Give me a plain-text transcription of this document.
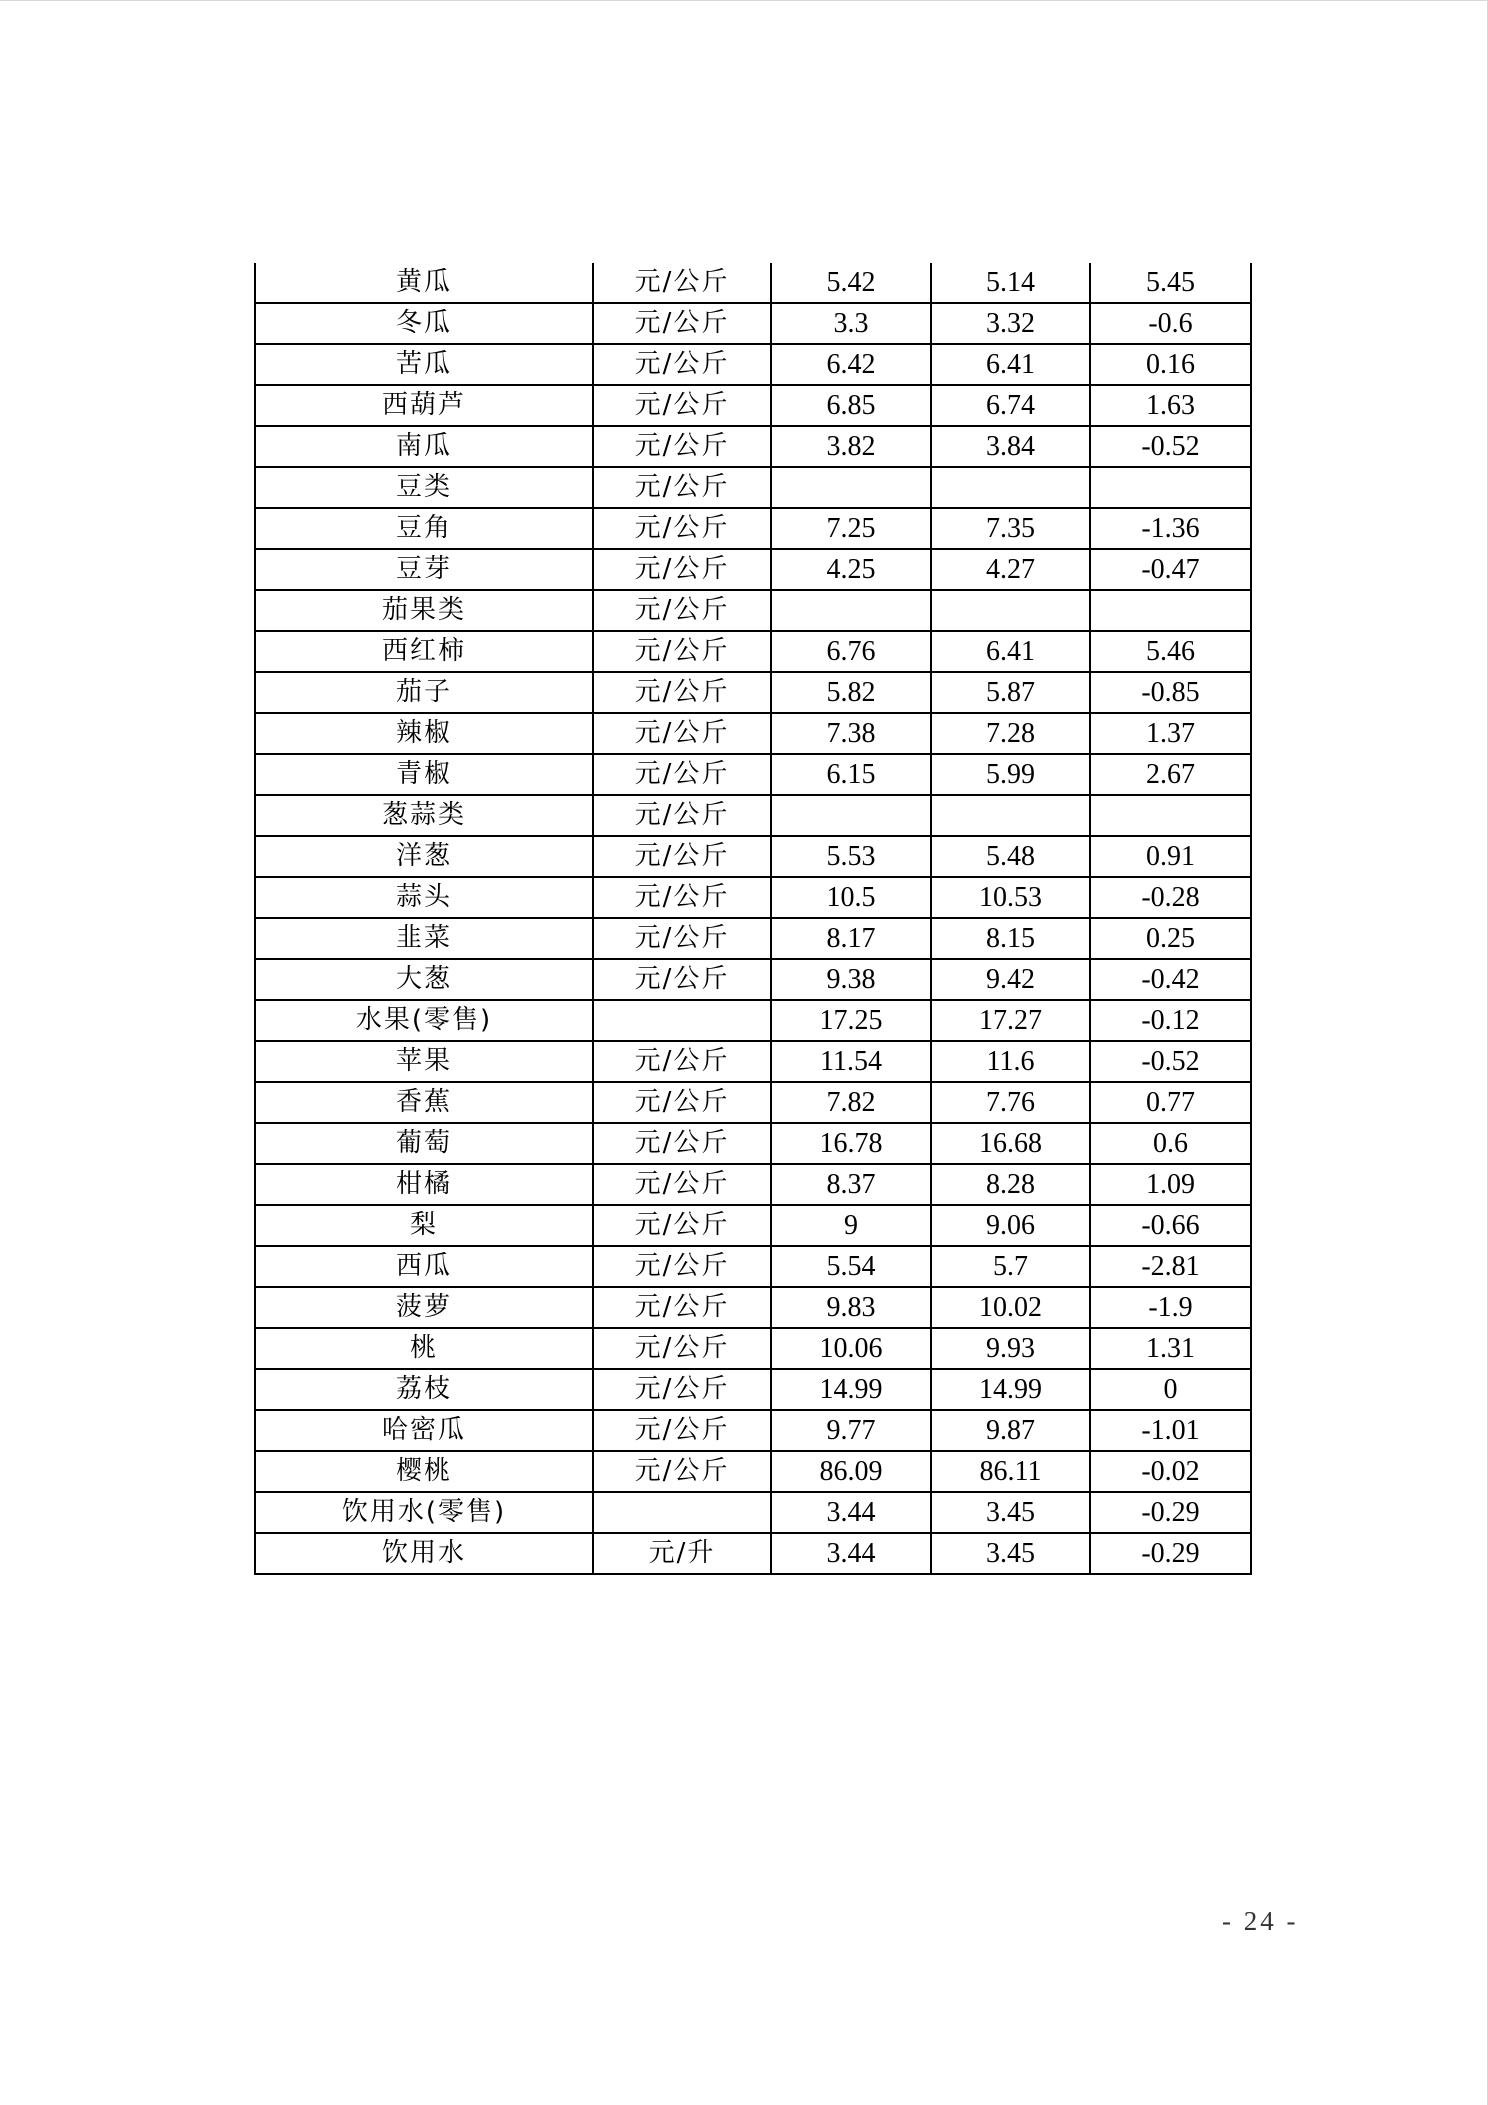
黄瓜	元/公斤	5.42	5.14	5.45
冬瓜	元/公斤	3.3	3.32	-0.6
苦瓜	元/公斤	6.42	6.41	0.16
西葫芦	元/公斤	6.85	6.74	1.63
南瓜	元/公斤	3.82	3.84	-0.52
豆类	元/公斤			
豆角	元/公斤	7.25	7.35	-1.36
豆芽	元/公斤	4.25	4.27	-0.47
茄果类	元/公斤			
西红柿	元/公斤	6.76	6.41	5.46
茄子	元/公斤	5.82	5.87	-0.85
辣椒	元/公斤	7.38	7.28	1.37
青椒	元/公斤	6.15	5.99	2.67
葱蒜类	元/公斤			
洋葱	元/公斤	5.53	5.48	0.91
蒜头	元/公斤	10.5	10.53	-0.28
韭菜	元/公斤	8.17	8.15	0.25
大葱	元/公斤	9.38	9.42	-0.42
水果(零售)		17.25	17.27	-0.12
苹果	元/公斤	11.54	11.6	-0.52
香蕉	元/公斤	7.82	7.76	0.77
葡萄	元/公斤	16.78	16.68	0.6
柑橘	元/公斤	8.37	8.28	1.09
梨	元/公斤	9	9.06	-0.66
西瓜	元/公斤	5.54	5.7	-2.81
菠萝	元/公斤	9.83	10.02	-1.9
桃	元/公斤	10.06	9.93	1.31
荔枝	元/公斤	14.99	14.99	0
哈密瓜	元/公斤	9.77	9.87	-1.01
樱桃	元/公斤	86.09	86.11	-0.02
饮用水(零售)		3.44	3.45	-0.29
饮用水	元/升	3.44	3.45	-0.29
- 24 -
